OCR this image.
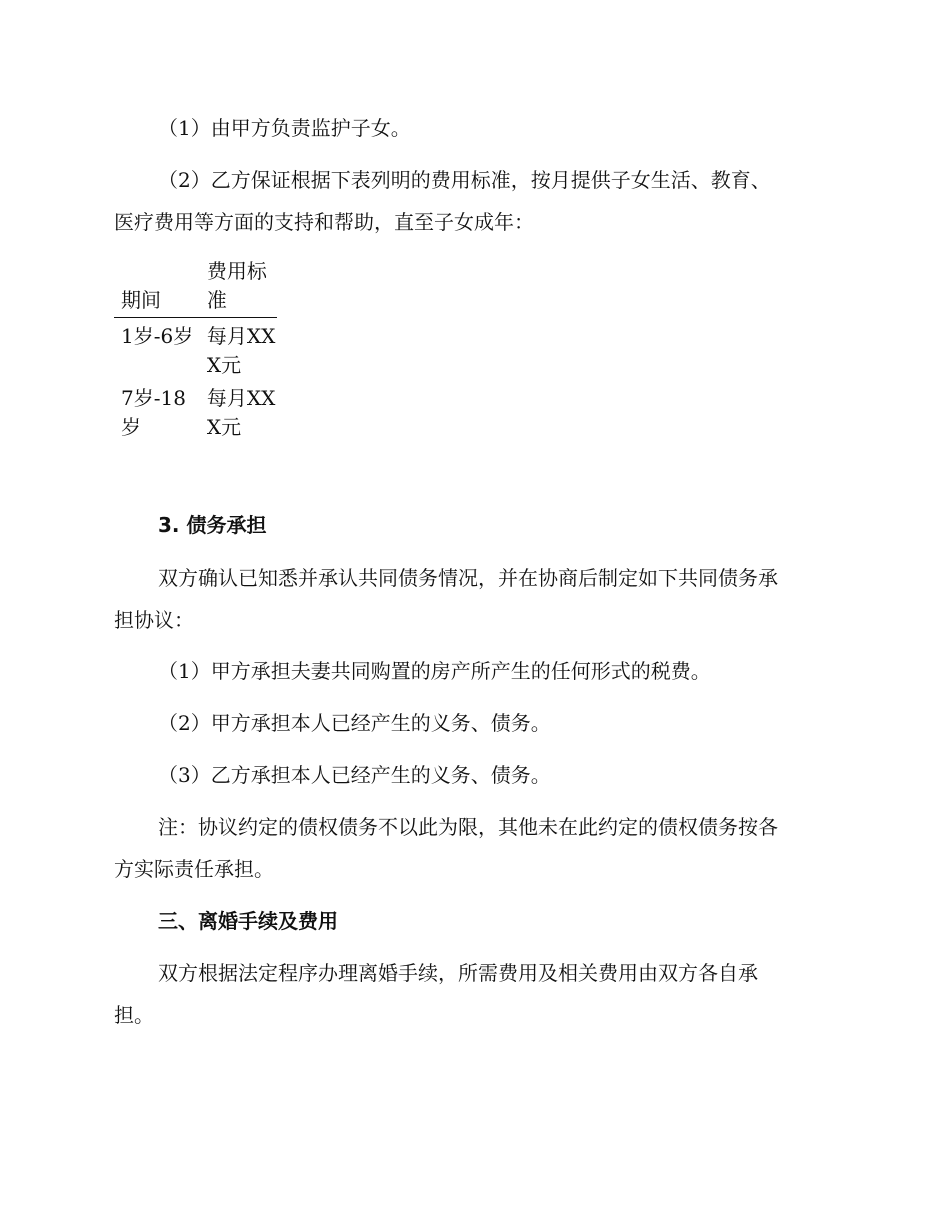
（1）由甲方负责监护子女。

（2）乙方保证根据下表列明的费用标准，按月提供子女生活、教育、

医疗费用等方面的支持和帮助，直至子女成年：

期间	费用标准
1岁-6岁	每月XXX元
7岁-18岁	每月XXX元

3. 债务承担

双方确认已知悉并承认共同债务情况，并在协商后制定如下共同债务承

担协议：

（1）甲方承担夫妻共同购置的房产所产生的任何形式的税费。

（2）甲方承担本人已经产生的义务、债务。

（3）乙方承担本人已经产生的义务、债务。

注：协议约定的债权债务不以此为限，其他未在此约定的债权债务按各

方实际责任承担。

三、离婚手续及费用

双方根据法定程序办理离婚手续，所需费用及相关费用由双方各自承

担。
